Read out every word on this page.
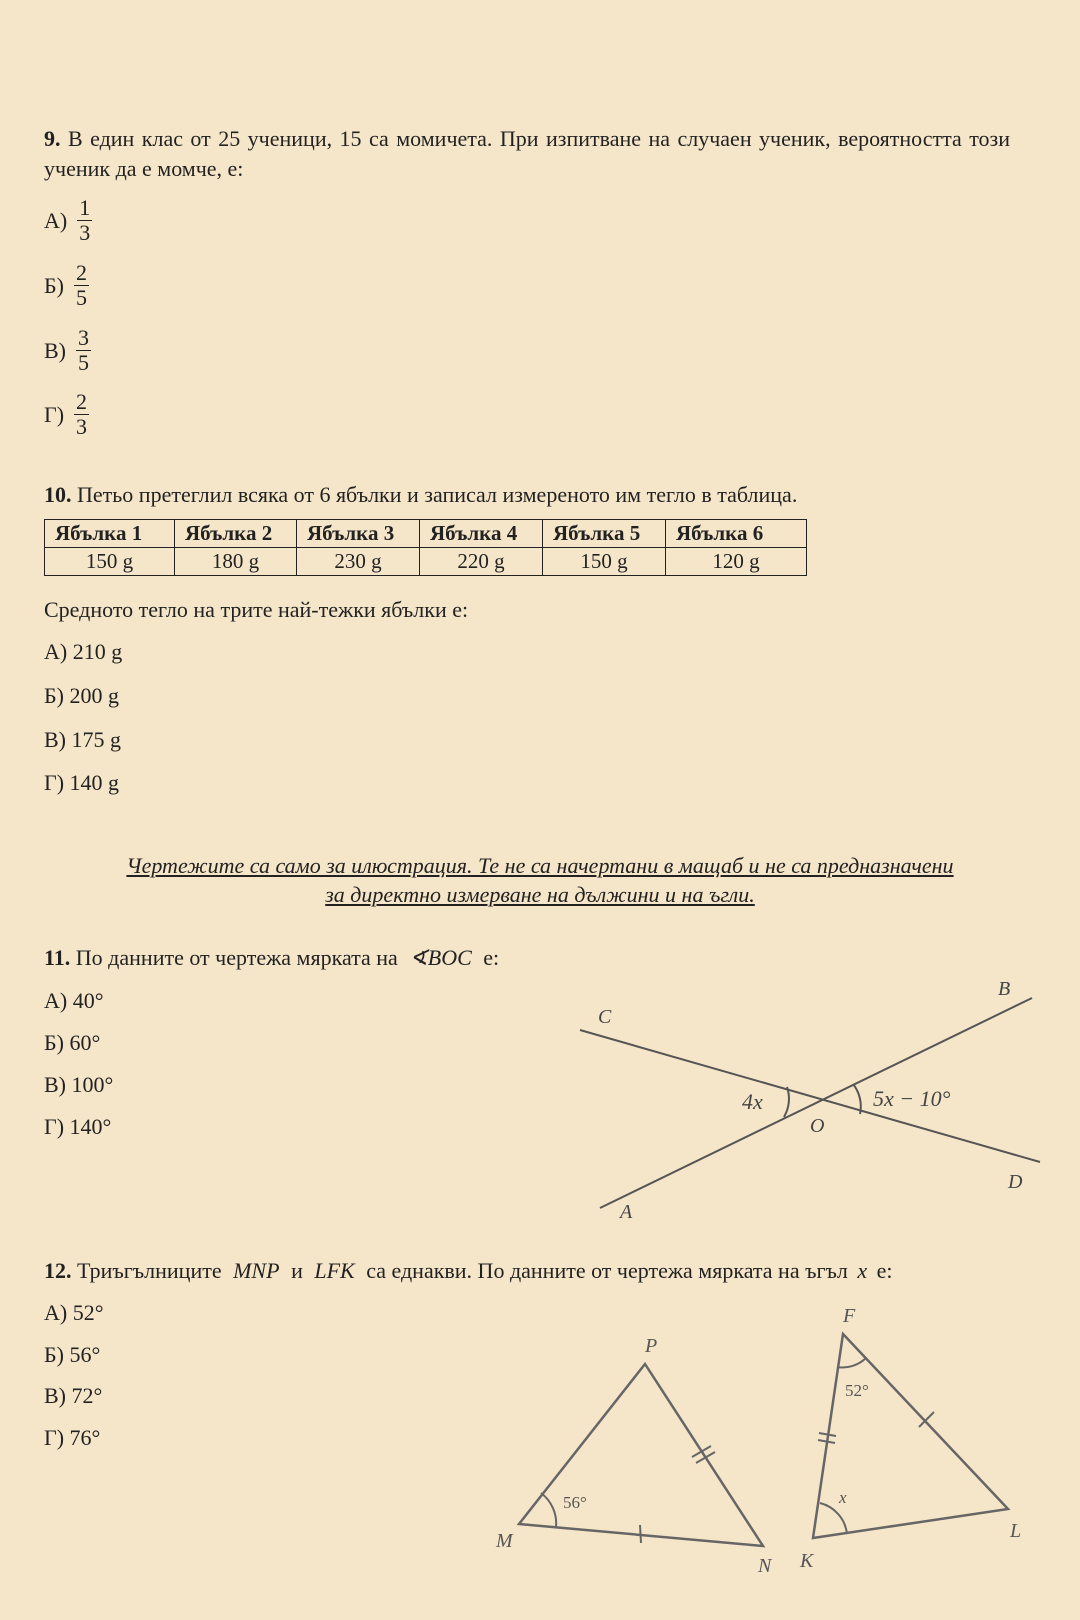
9. В един клас от 25 ученици, 15 са момичета. При изпитване на случаен ученик, вероятността този ученик да е момче, е:
$А) \frac{1}{3}$
$Б) \frac{2}{5}$
$В) \frac{3}{5}$
$Г) \frac{2}{3}$
10. Петьо претеглил всяка от 6 ябълки и записал измереното им тегло в таблица.
Ябълка 1	Ябълка 2	Ябълка 3	Ябълка 4	Ябълка 5	Ябълка 6
150 g	180 g	230 g	220 g	150 g	120 g
Средното тегло на трите най-тежки ябълки е:
А) 210 g
Б) 200 g
В) 175 g
Г) 140 g
Чертежите са само за илюстрация. Те не са начертани в мащаб и не са предназначени
за директно измерване на дължини и на ъгли.
11. По данните от чертежа мярката на ∢BOC е:
А) 40°
Б) 60°
В) 100°
Г) 140°
C
B
D
A
O
4x	5x − 10°
12. Триъгълниците MNP и LFK са еднакви. По данните от чертежа мярката на ъгъл x е:
А) 52°
Б) 56°
В) 72°
Г) 76°
M
N
P
56°
F
K
L
52°
x
